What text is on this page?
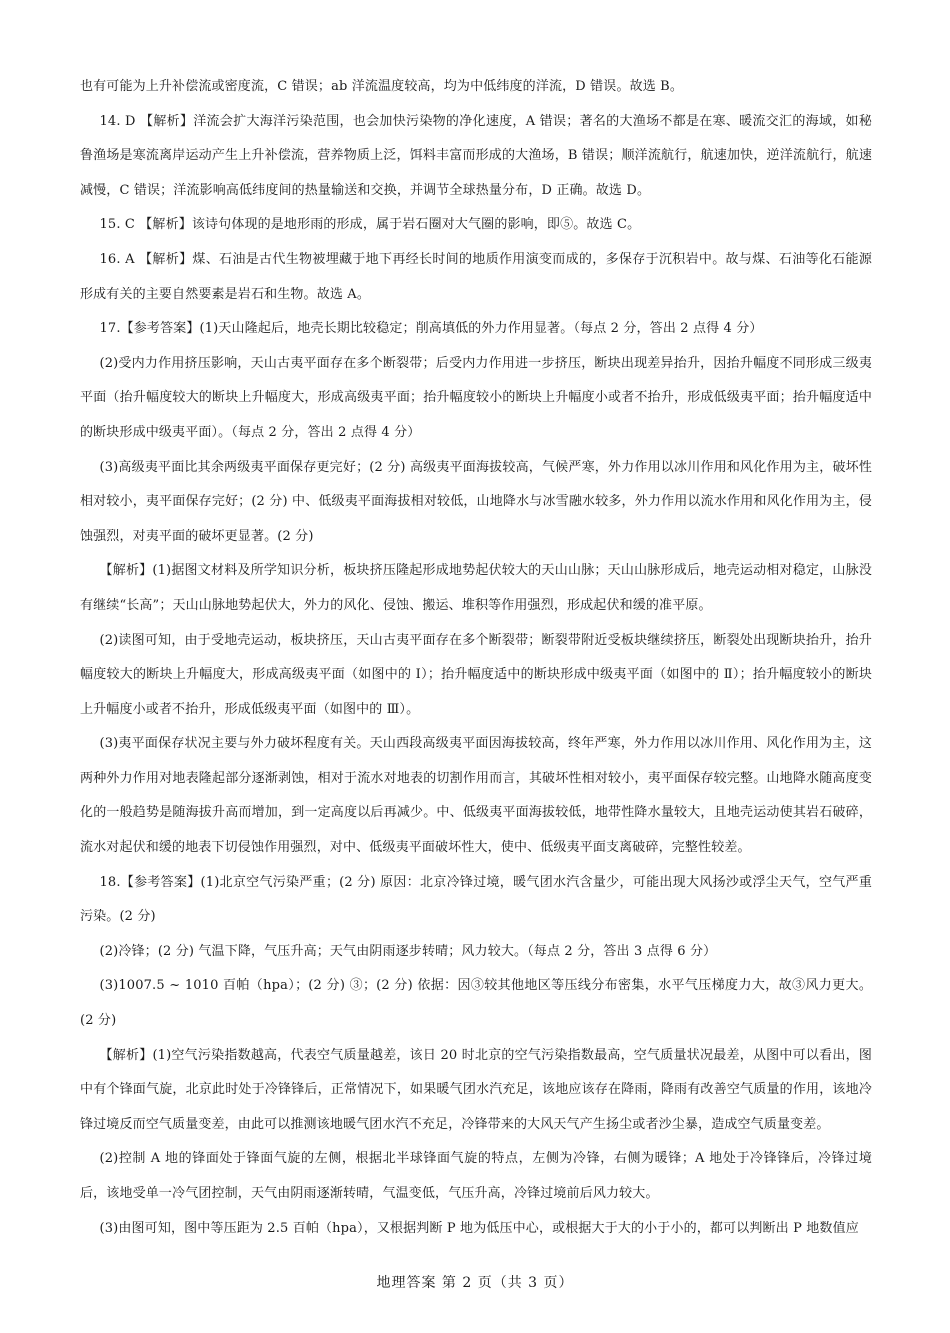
也有可能为上升补偿流或密度流，C 错误；ab 洋流温度较高，均为中低纬度的洋流，D 错误。故选 B。

14. D 【解析】洋流会扩大海洋污染范围，也会加快污染物的净化速度，A 错误；著名的大渔场不都是在寒、暖流交汇的海域，如秘鲁渔场是寒流离岸运动产生上升补偿流，营养物质上泛，饵料丰富而形成的大渔场，B 错误；顺洋流航行，航速加快，逆洋流航行，航速减慢，C 错误；洋流影响高低纬度间的热量输送和交换，并调节全球热量分布，D 正确。故选 D。

15. C 【解析】该诗句体现的是地形雨的形成，属于岩石圈对大气圈的影响，即⑤。故选 C。

16. A 【解析】煤、石油是古代生物被埋藏于地下再经长时间的地质作用演变而成的，多保存于沉积岩中。故与煤、石油等化石能源形成有关的主要自然要素是岩石和生物。故选 A。

17.【参考答案】(1)天山隆起后，地壳长期比较稳定；削高填低的外力作用显著。（每点 2 分，答出 2 点得 4 分）

(2)受内力作用挤压影响，天山古夷平面存在多个断裂带；后受内力作用进一步挤压，断块出现差异抬升，因抬升幅度不同形成三级夷平面（抬升幅度较大的断块上升幅度大，形成高级夷平面；抬升幅度较小的断块上升幅度小或者不抬升，形成低级夷平面；抬升幅度适中的断块形成中级夷平面）。（每点 2 分，答出 2 点得 4 分）

(3)高级夷平面比其余两级夷平面保存更完好；(2 分) 高级夷平面海拔较高，气候严寒，外力作用以冰川作用和风化作用为主，破坏性相对较小，夷平面保存完好；(2 分) 中、低级夷平面海拔相对较低，山地降水与冰雪融水较多，外力作用以流水作用和风化作用为主，侵蚀强烈，对夷平面的破坏更显著。(2 分)

【解析】(1)据图文材料及所学知识分析，板块挤压隆起形成地势起伏较大的天山山脉；天山山脉形成后，地壳运动相对稳定，山脉没有继续“长高”；天山山脉地势起伏大，外力的风化、侵蚀、搬运、堆积等作用强烈，形成起伏和缓的准平原。

(2)读图可知，由于受地壳运动，板块挤压，天山古夷平面存在多个断裂带；断裂带附近受板块继续挤压，断裂处出现断块抬升，抬升幅度较大的断块上升幅度大，形成高级夷平面（如图中的 Ⅰ）；抬升幅度适中的断块形成中级夷平面（如图中的 Ⅱ）；抬升幅度较小的断块上升幅度小或者不抬升，形成低级夷平面（如图中的 Ⅲ）。

(3)夷平面保存状况主要与外力破坏程度有关。天山西段高级夷平面因海拔较高，终年严寒，外力作用以冰川作用、风化作用为主，这两种外力作用对地表隆起部分逐渐剥蚀，相对于流水对地表的切割作用而言，其破坏性相对较小，夷平面保存较完整。山地降水随高度变化的一般趋势是随海拔升高而增加，到一定高度以后再减少。中、低级夷平面海拔较低，地带性降水量较大，且地壳运动使其岩石破碎，流水对起伏和缓的地表下切侵蚀作用强烈，对中、低级夷平面破坏性大，使中、低级夷平面支离破碎，完整性较差。

18.【参考答案】(1)北京空气污染严重；(2 分) 原因：北京冷锋过境，暖气团水汽含量少，可能出现大风扬沙或浮尘天气，空气严重污染。(2 分)

(2)冷锋；(2 分) 气温下降，气压升高；天气由阴雨逐步转晴；风力较大。（每点 2 分，答出 3 点得 6 分）

(3)1007.5 ~ 1010 百帕（hpa）；(2 分) ③；(2 分) 依据：因③较其他地区等压线分布密集，水平气压梯度力大，故③风力更大。(2 分)

【解析】(1)空气污染指数越高，代表空气质量越差，该日 20 时北京的空气污染指数最高，空气质量状况最差，从图中可以看出，图中有个锋面气旋，北京此时处于冷锋锋后，正常情况下，如果暖气团水汽充足，该地应该存在降雨，降雨有改善空气质量的作用，该地冷锋过境反而空气质量变差，由此可以推测该地暖气团水汽不充足，冷锋带来的大风天气产生扬尘或者沙尘暴，造成空气质量变差。

(2)控制 A 地的锋面处于锋面气旋的左侧，根据北半球锋面气旋的特点，左侧为冷锋，右侧为暖锋；A 地处于冷锋锋后，冷锋过境后，该地受单一冷气团控制，天气由阴雨逐渐转晴，气温变低，气压升高，冷锋过境前后风力较大。

(3)由图可知，图中等压距为 2.5 百帕（hpa），又根据判断 P 地为低压中心，或根据大于大的小于小的，都可以判断出 P 地数值应

地理答案 第 2 页（共 3 页）
